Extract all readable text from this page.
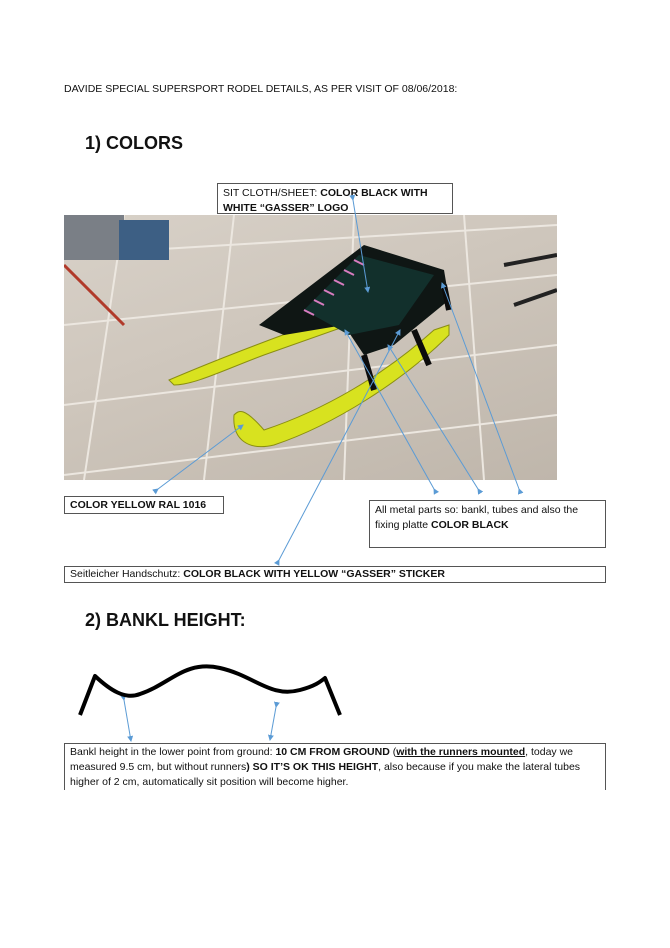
DAVIDE SPECIAL SUPERSPORT RODEL DETAILS, AS PER VISIT OF 08/06/2018:
1) COLORS
SIT CLOTH/SHEET: COLOR BLACK WITH WHITE “GASSER” LOGO
COLOR YELLOW RAL 1016	All metal parts so: bankl, tubes and also the fixing platte COLOR BLACK
Seitleicher Handschutz: COLOR BLACK WITH YELLOW “GASSER” STICKER
2) BANKL HEIGHT:
Bankl height in the lower point from ground: 10 CM FROM GROUND (with the runners mounted, today we measured 9.5 cm, but without runners) SO IT’S OK THIS HEIGHT, also because if you make the lateral tubes higher of 2 cm, automatically sit position will become higher.
